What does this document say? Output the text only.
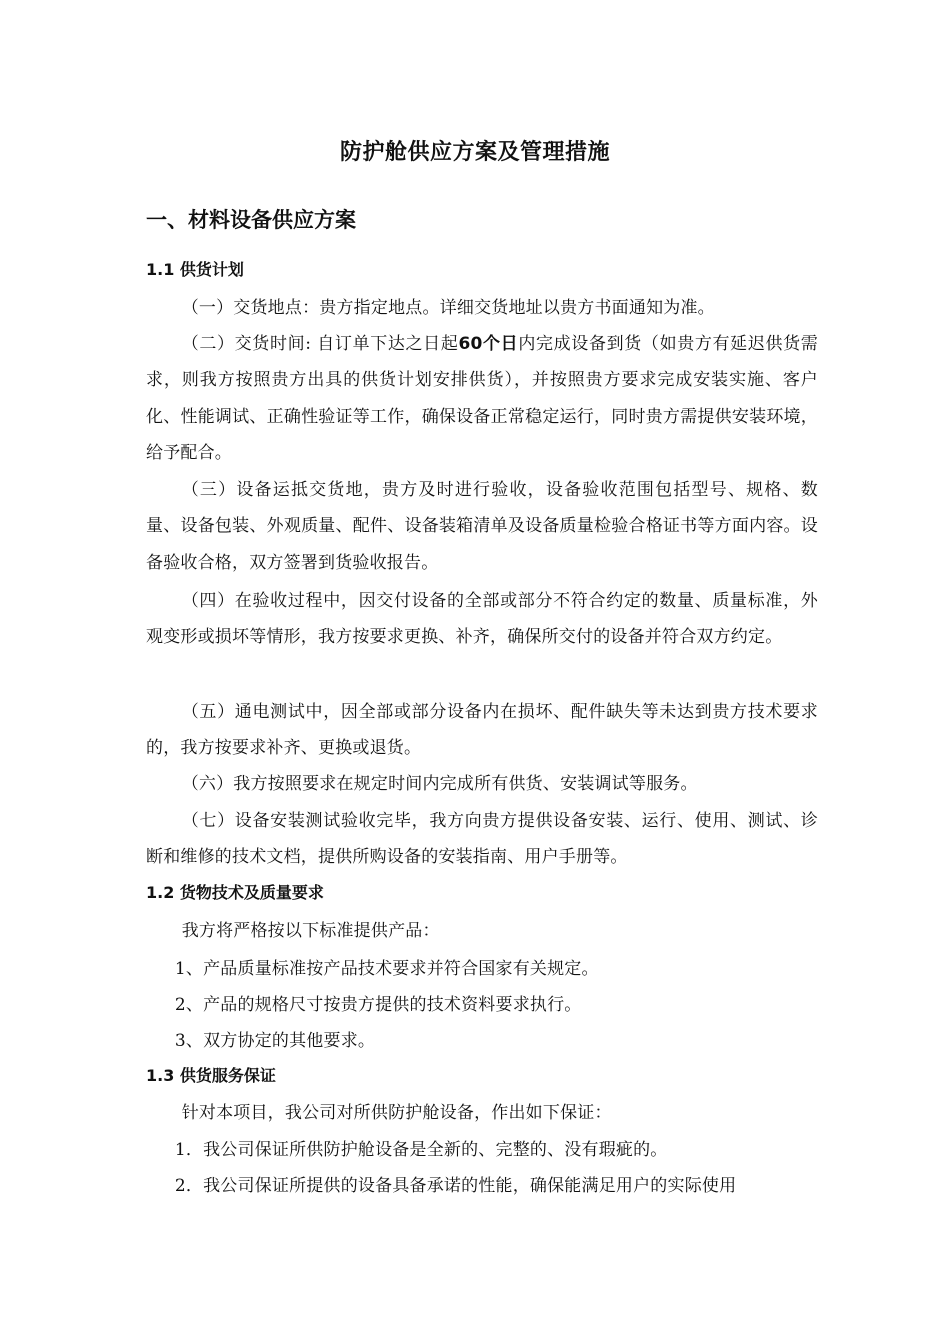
防护舱供应方案及管理措施
一、材料设备供应方案
1.1 供货计划

（一）交货地点：贵方指定地点。详细交货地址以贵方书面通知为准。

（二）交货时间: 自订单下达之日起60个日内完成设备到货（如贵方有延迟供货需求，则我方按照贵方出具的供货计划安排供货），并按照贵方要求完成安装实施、客户化、性能调试、正确性验证等工作，确保设备正常稳定运行，同时贵方需提供安装环境，给予配合。

（三）设备运抵交货地，贵方及时进行验收，设备验收范围包括型号、规格、数量、设备包装、外观质量、配件、设备装箱清单及设备质量检验合格证书等方面内容。设备验收合格，双方签署到货验收报告。

（四）在验收过程中，因交付设备的全部或部分不符合约定的数量、质量标准，外观变形或损坏等情形，我方按要求更换、补齐，确保所交付的设备并符合双方约定。

（五）通电测试中，因全部或部分设备内在损坏、配件缺失等未达到贵方技术要求的，我方按要求补齐、更换或退货。

（六）我方按照要求在规定时间内完成所有供货、安装调试等服务。

（七）设备安装测试验收完毕，我方向贵方提供设备安装、运行、使用、测试、诊断和维修的技术文档，提供所购设备的安装指南、用户手册等。

1.2 货物技术及质量要求

我方将严格按以下标准提供产品：

1、产品质量标准按产品技术要求并符合国家有关规定。

2、产品的规格尺寸按贵方提供的技术资料要求执行。

3、双方协定的其他要求。

1.3 供货服务保证

针对本项目，我公司对所供防护舱设备，作出如下保证：

1．我公司保证所供防护舱设备是全新的、完整的、没有瑕疵的。

2．我公司保证所提供的设备具备承诺的性能，确保能满足用户的实际使用
